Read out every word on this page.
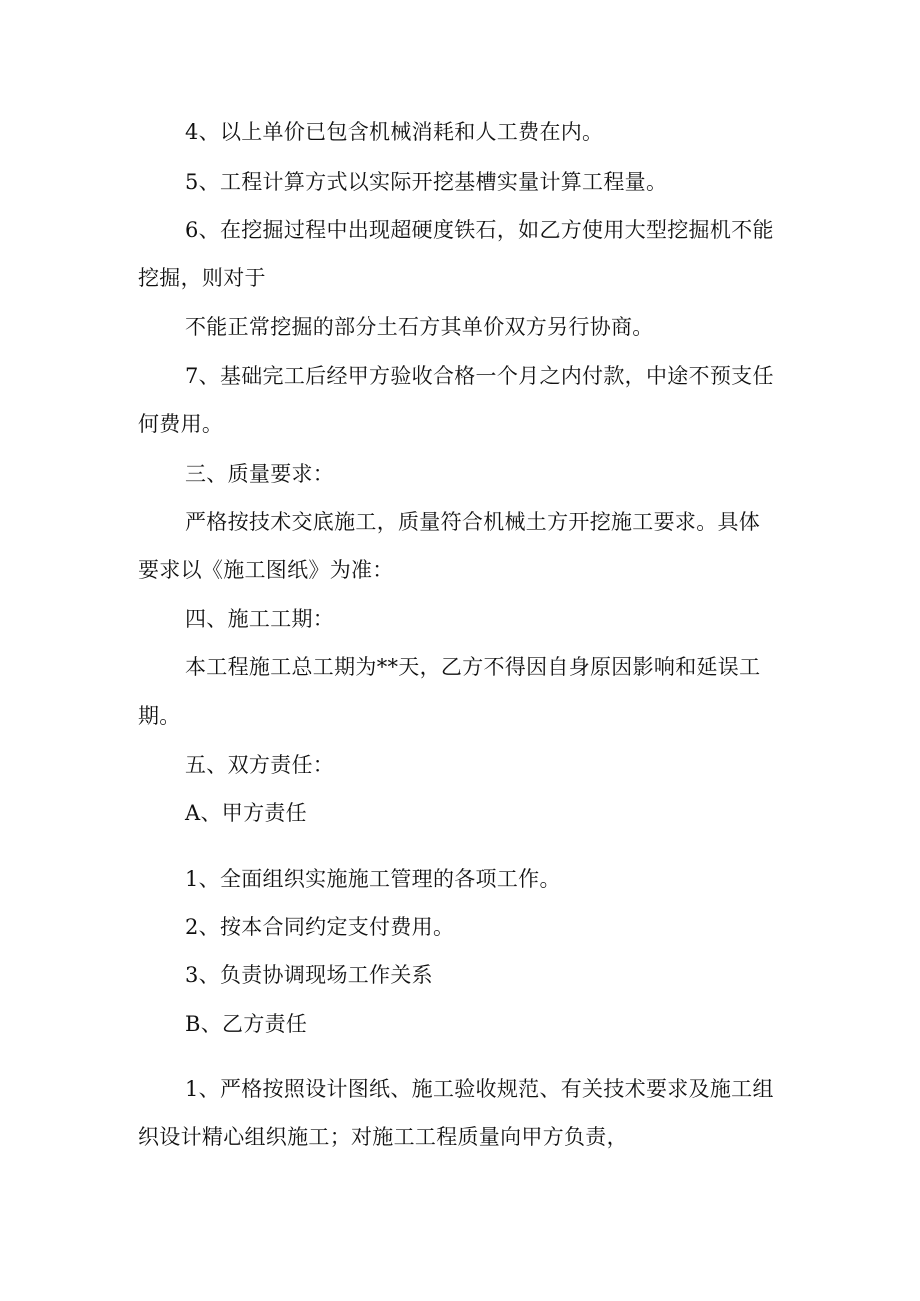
4、以上单价已包含机械消耗和人工费在内。
5、工程计算方式以实际开挖基槽实量计算工程量。
6、在挖掘过程中出现超硬度铁石，如乙方使用大型挖掘机不能
挖掘，则对于
不能正常挖掘的部分土石方其单价双方另行协商。
7、基础完工后经甲方验收合格一个月之内付款，中途不预支任
何费用。
三、质量要求：
严格按技术交底施工，质量符合机械土方开挖施工要求。具体
要求以《施工图纸》为准：
四、施工工期：
本工程施工总工期为**天，乙方不得因自身原因影响和延误工
期。
五、双方责任：
A、甲方责任
1、全面组织实施施工管理的各项工作。
2、按本合同约定支付费用。
3、负责协调现场工作关系
B、乙方责任
1、严格按照设计图纸、施工验收规范、有关技术要求及施工组
织设计精心组织施工；对施工工程质量向甲方负责，
